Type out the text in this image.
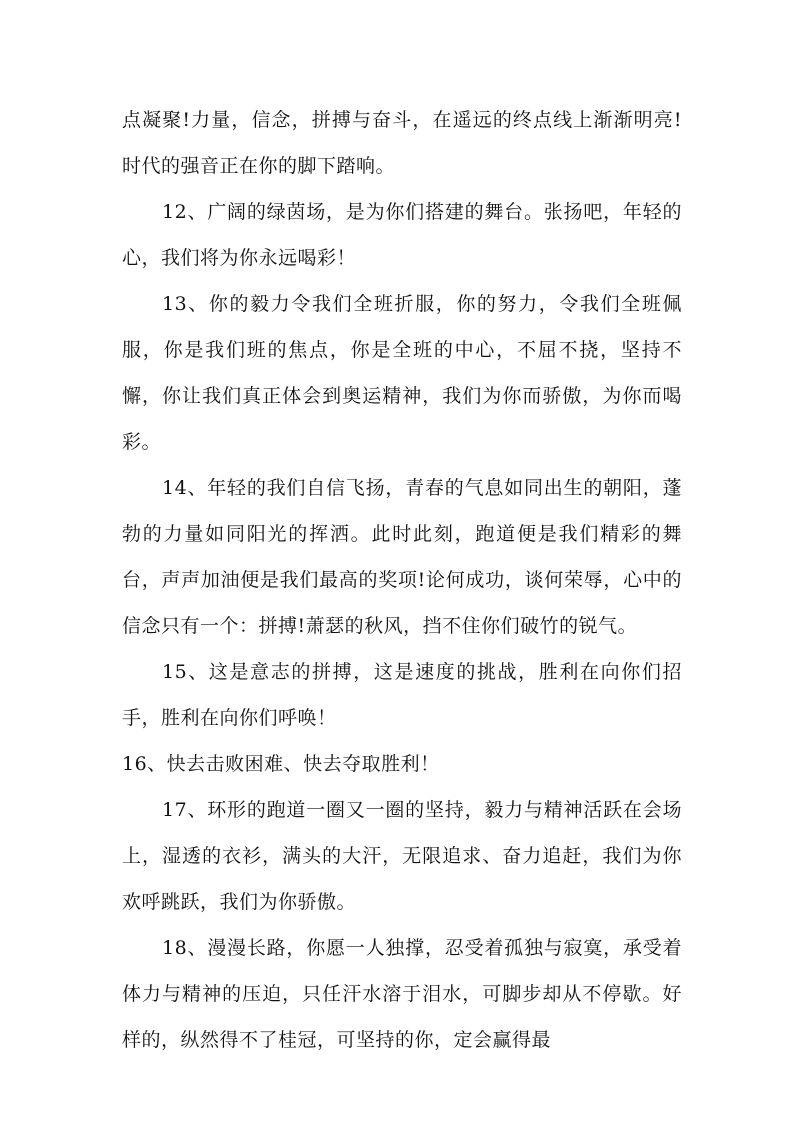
点凝聚!力量，信念，拼搏与奋斗，在遥远的终点线上渐渐明亮!时代的强音正在你的脚下踏响。

12、广阔的绿茵场，是为你们搭建的舞台。张扬吧，年轻的心，我们将为你永远喝彩！

13、你的毅力令我们全班折服，你的努力，令我们全班佩服，你是我们班的焦点，你是全班的中心，不屈不挠，坚持不懈，你让我们真正体会到奥运精神，我们为你而骄傲，为你而喝彩。

14、年轻的我们自信飞扬，青春的气息如同出生的朝阳，蓬勃的力量如同阳光的挥洒。此时此刻，跑道便是我们精彩的舞台，声声加油便是我们最高的奖项!论何成功，谈何荣辱，心中的信念只有一个：拼搏!萧瑟的秋风，挡不住你们破竹的锐气。

15、这是意志的拼搏，这是速度的挑战，胜利在向你们招手，胜利在向你们呼唤！

16、快去击败困难、快去夺取胜利！

17、环形的跑道一圈又一圈的坚持，毅力与精神活跃在会场上，湿透的衣衫，满头的大汗，无限追求、奋力追赶，我们为你欢呼跳跃，我们为你骄傲。

18、漫漫长路，你愿一人独撑，忍受着孤独与寂寞，承受着体力与精神的压迫，只任汗水溶于泪水，可脚步却从不停歇。好样的，纵然得不了桂冠，可坚持的你，定会赢得最
